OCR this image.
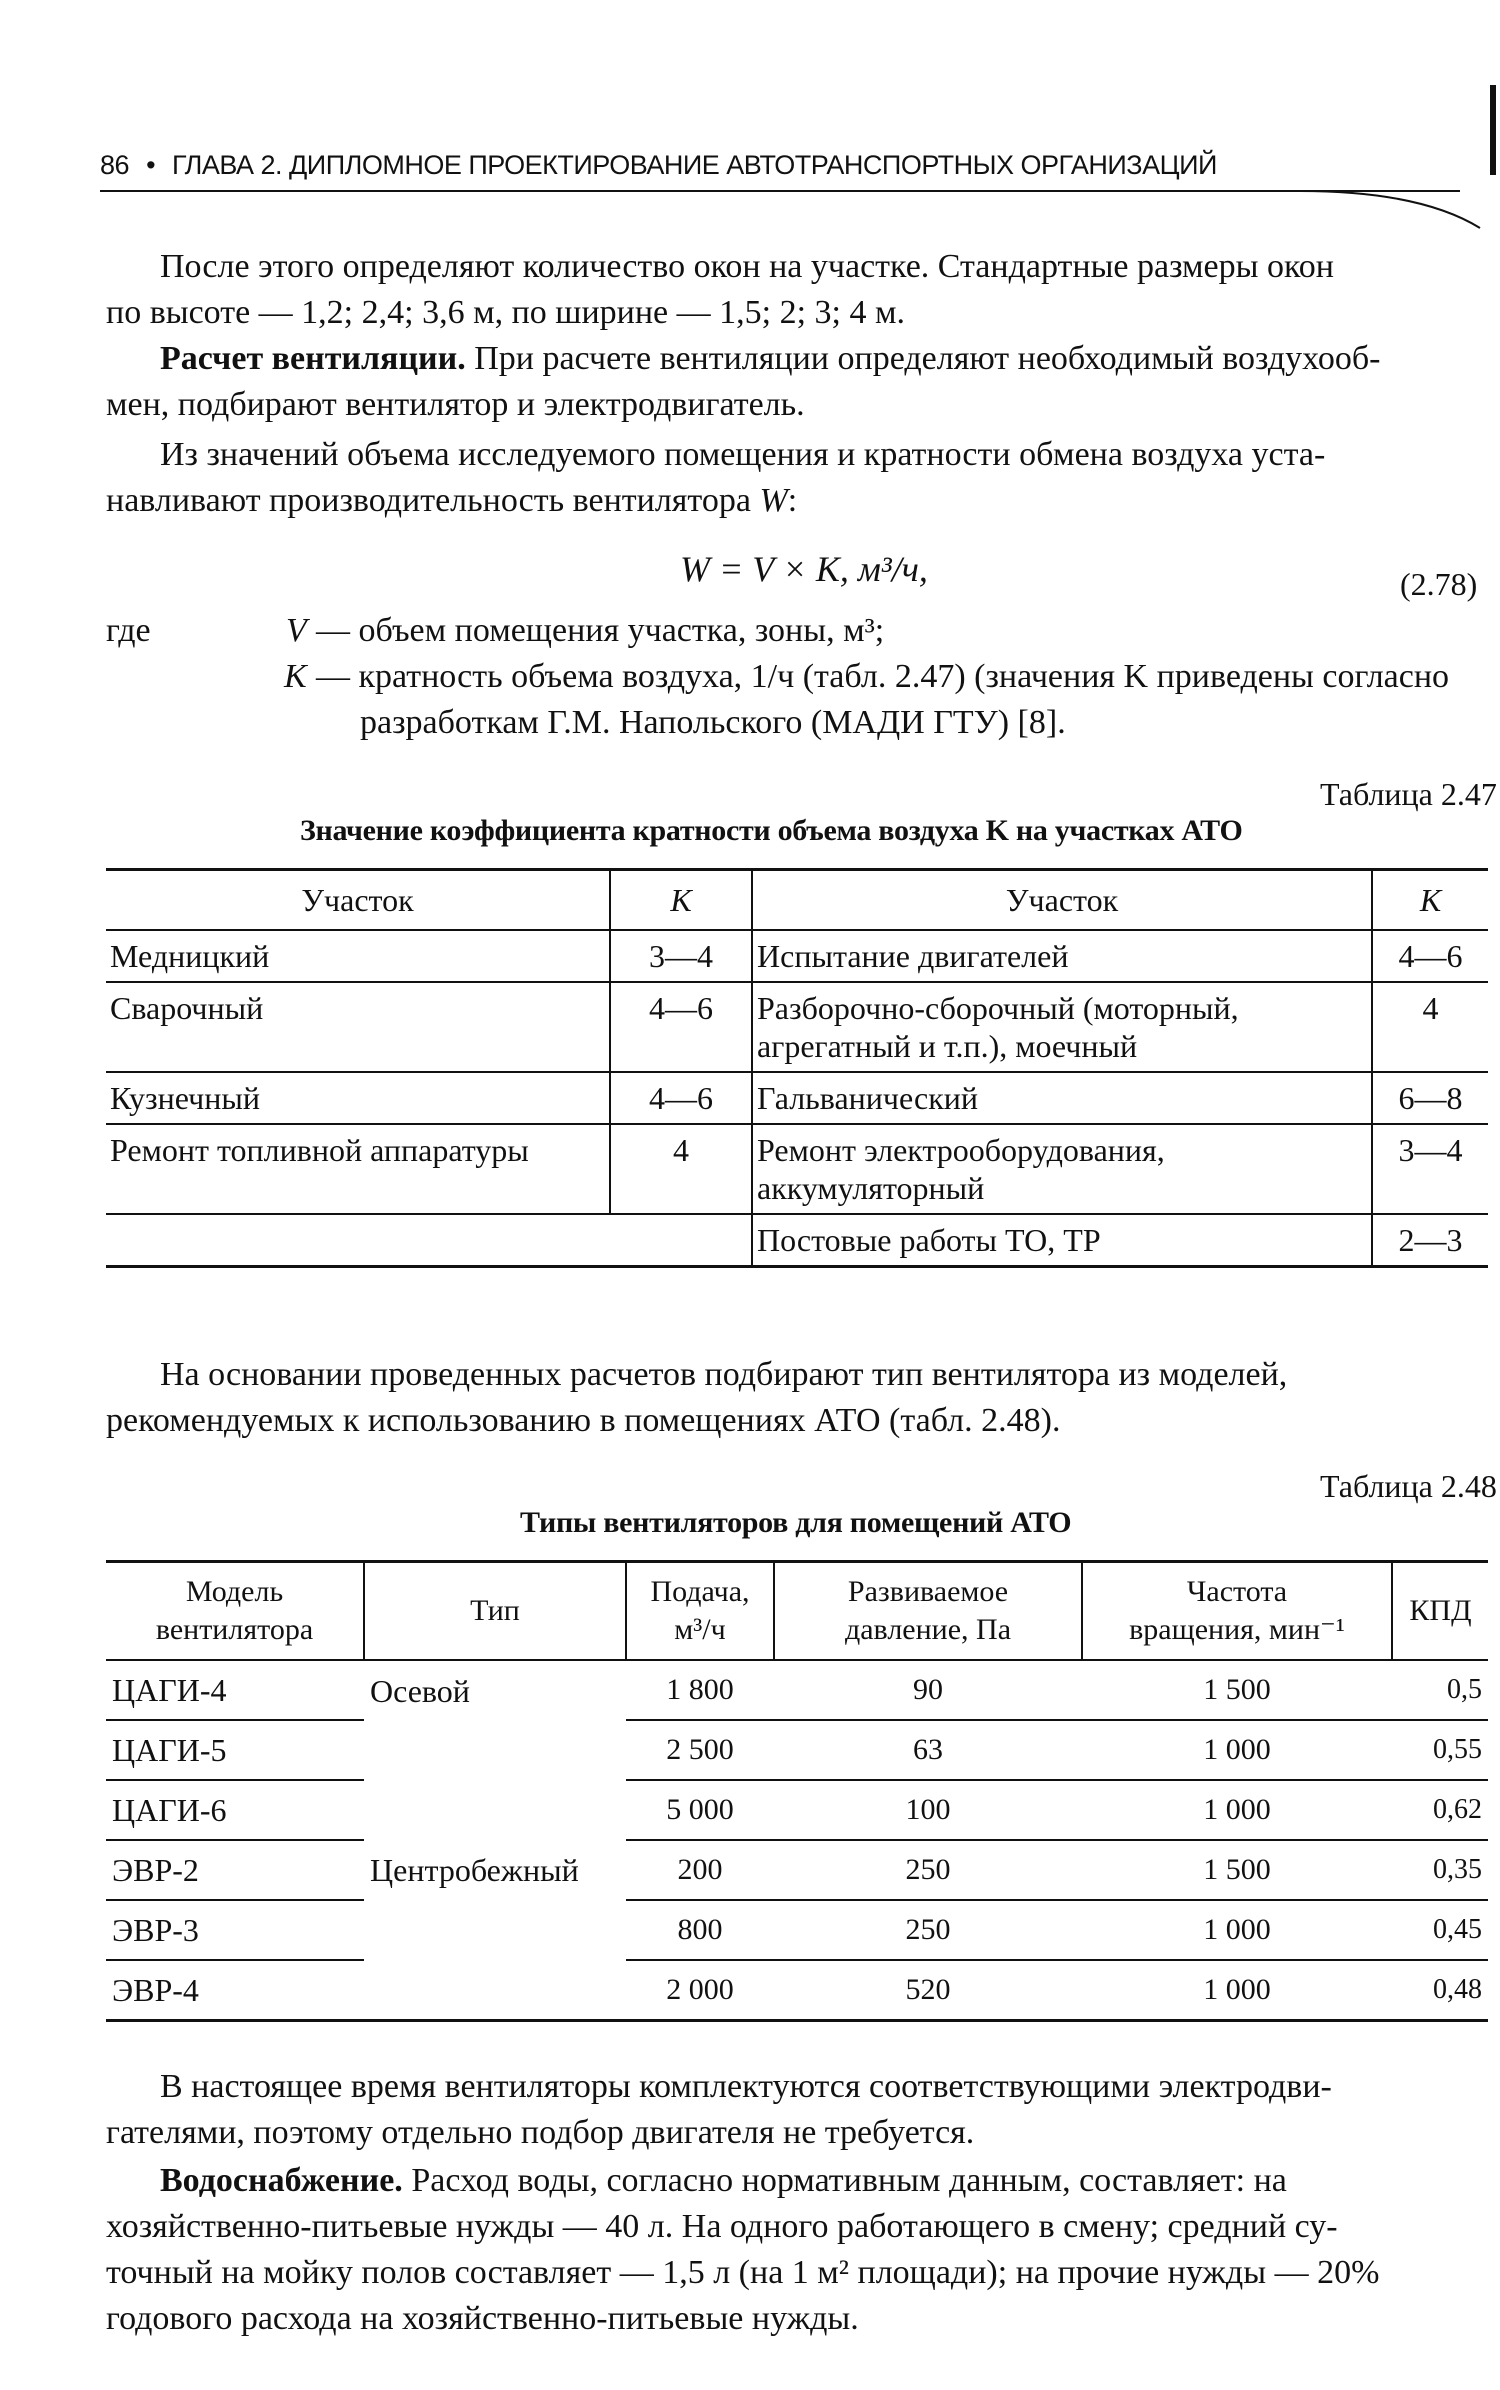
86 • ГЛАВА 2. ДИПЛОМНОЕ ПРОЕКТИРОВАНИЕ АВТОТРАНСПОРТНЫХ ОРГАНИЗАЦИЙ
После этого определяют количество окон на участке. Стандартные размеры окон
по высоте — 1,2; 2,4; 3,6 м, по ширине — 1,5; 2; 3; 4 м.
Расчет вентиляции. При расчете вентиляции определяют необходимый воздухооб-
мен, подбирают вентилятор и электродвигатель.
Из значений объема исследуемого помещения и кратности обмена воздуха уста-
навливают производительность вентилятора W:
W = V × K, м³/ч,	(2.78)
где	V — объем помещения участка, зоны, м³;
K — кратность объема воздуха, 1/ч (табл. 2.47) (значения K приведены согласно
разработкам Г.М. Напольского (МАДИ ГТУ) [8].
Таблица 2.47
Значение коэффициента кратности объема воздуха K на участках АТО
Участок	K	Участок	K
Медницкий	3—4	Испытание двигателей	4—6
Сварочный	4—6	Разборочно-сборочный (моторный, агрегатный и т.п.), моечный	4
Кузнечный	4—6	Гальванический	6—8
Ремонт топливной аппаратуры	4	Ремонт электрооборудования, аккумуляторный	3—4
		Постовые работы ТО, ТР	2—3
На основании проведенных расчетов подбирают тип вентилятора из моделей,
рекомендуемых к использованию в помещениях АТО (табл. 2.48).
Таблица 2.48
Типы вентиляторов для помещений АТО
Модель вентилятора	Тип	Подача, м³/ч	Развиваемое давление, Па	Частота вращения, мин⁻¹	КПД
ЦАГИ-4	Осевой	1 800	90	1 500	0,5
ЦАГИ-5		2 500	63	1 000	0,55
ЦАГИ-6		5 000	100	1 000	0,62
ЭВР-2	Центробежный	200	250	1 500	0,35
ЭВР-3		800	250	1 000	0,45
ЭВР-4		2 000	520	1 000	0,48
В настоящее время вентиляторы комплектуются соответствующими электродви-
гателями, поэтому отдельно подбор двигателя не требуется.
Водоснабжение. Расход воды, согласно нормативным данным, составляет: на
хозяйственно-питьевые нужды — 40 л. На одного работающего в смену; средний су-
точный на мойку полов составляет — 1,5 л (на 1 м² площади); на прочие нужды — 20%
годового расхода на хозяйственно-питьевые нужды.
